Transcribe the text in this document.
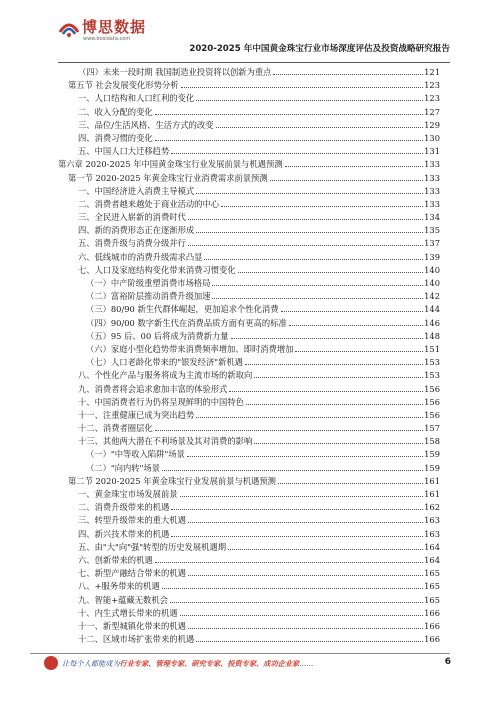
博思数据
www.bosidata.com
2020-2025 年中国黄金珠宝行业市场深度评估及投资战略研究报告
（四）未来一段时期 我国制造业投资将以创新为重点	121
第五节 社会发展变化形势分析	123
一、人口结构和人口红利的变化	123
二、收入分配的变化	127
三、品位/生活风格、生活方式的改变	129
四、消费习惯的变化	130
五、中国人口大迁移趋势	131
第六章 2020-2025 年中国黄金珠宝行业发展前景与机遇预测	133
第一节 2020-2025 年黄金珠宝行业消费需求前景预测	133
一、中国经济进入消费主导模式	133
二、消费者越来越处于商业活动的中心	133
三、全民进入崭新的消费时代	134
四、新的消费形态正在逐渐形成	135
五、消费升级与消费分级并行	137
六、低线城市的消费升级需求凸显	139
七、人口及家庭结构变化带来消费习惯变化	140
（一）中产阶级重塑消费市场格局	140
（二）富裕阶层推动消费升级加速	142
（三）80/90 新生代群体崛起，更加追求个性化消费	144
（四）90/00 数字新生代在消费品质方面有更高的标准	146
（五）95 后、00 后将成为消费新力量	148
（六）家庭小型化趋势带来消费频率增加、即时消费增加	151
（七）人口老龄化带来的"银发经济"新机遇	153
八、个性化产品与服务将成为主流市场的新取向	153
九、消费者将会追求愈加丰富的体验形式	156
十、中国消费者行为仍将呈现鲜明的中国特色	156
十一、注重健康已成为突出趋势	156
十二、消费者圈层化	157
十三、其他两大潜在不利场景及其对消费的影响	158
（一）"中等收入陷阱"场景	159
（二）"向内转"场景	159
第二节 2020-2025 年黄金珠宝行业发展前景与机遇预测	161
一、黄金珠宝市场发展前景	161
二、消费升级带来的机遇	162
三、转型升级带来的重大机遇	163
四、新兴技术带来的机遇	163
五、由"大"向"强"转型的历史发展机遇期	164
六、创新带来的机遇	164
七、新型产融结合带来的机遇	165
八、+服务带来的机遇	165
九、智能+蕴藏无数机会	165
十、内生式增长带来的机遇	166
十一、新型城镇化带来的机遇	166
十二、区域市场扩张带来的机遇	166
让每个人都能成为行业专家、管理专家、研究专家、投资专家、成功企业家……	6
